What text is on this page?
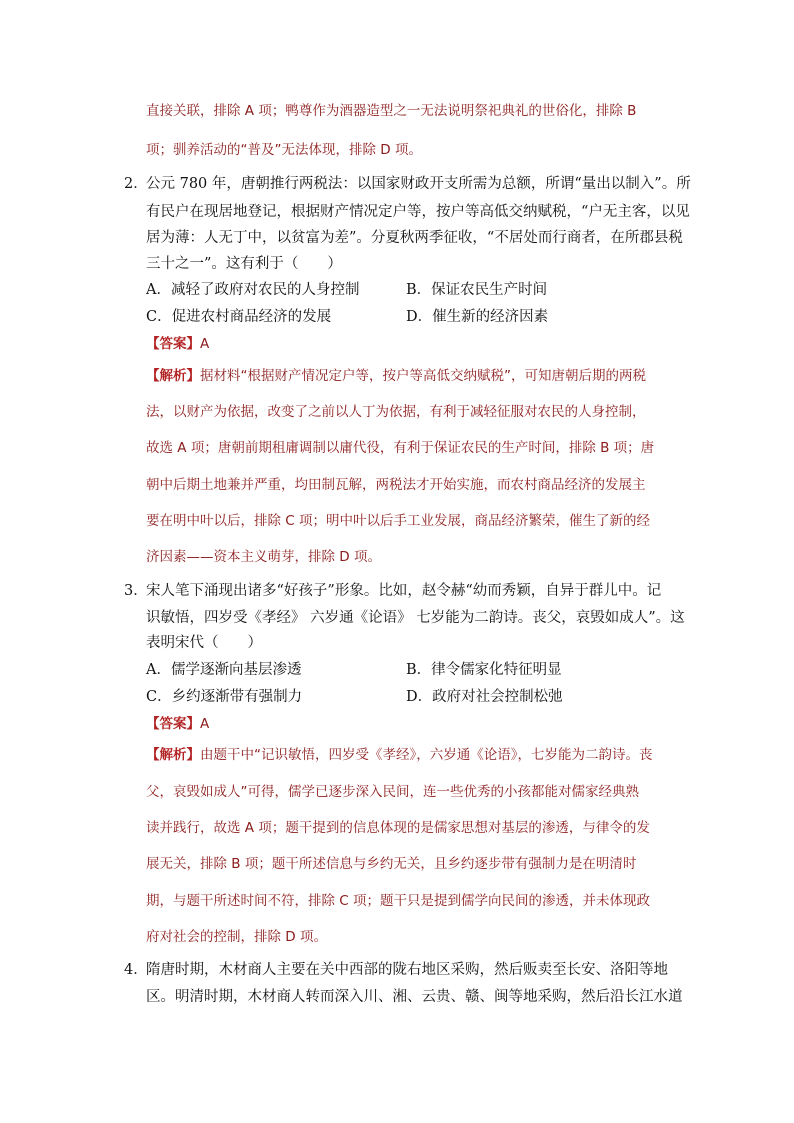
直接关联，排除 A 项；鸭尊作为酒器造型之一无法说明祭祀典礼的世俗化，排除 B
项；驯养活动的“普及”无法体现，排除 D 项。
2．公元 780 年，唐朝推行两税法：以国家财政开支所需为总额，所谓“量出以制入”。所
有民户在现居地登记，根据财产情况定户等，按户等高低交纳赋税，“户无主客，以见
居为薄：人无丁中，以贫富为差”。分夏秋两季征收，“不居处而行商者，在所郡县税
三十之一”。这有利于（　　）
A．减轻了政府对农民的人身控制	B．保证农民生产时间
C．促进农村商品经济的发展	D．催生新的经济因素
【答案】A
【解析】据材料“根据财产情况定户等，按户等高低交纳赋税”，可知唐朝后期的两税
法，以财产为依据，改变了之前以人丁为依据，有利于减轻征服对农民的人身控制，
故选 A 项；唐朝前期租庸调制以庸代役，有利于保证农民的生产时间，排除 B 项；唐
朝中后期土地兼并严重，均田制瓦解，两税法才开始实施，而农村商品经济的发展主
要在明中叶以后，排除 C 项；明中叶以后手工业发展，商品经济繁荣，催生了新的经
济因素——资本主义萌芽，排除 D 项。
3．宋人笔下涌现出诸多“好孩子”形象。比如，赵令赫“幼而秀颖，自异于群儿中。记
识敏悟，四岁受《孝经》 六岁通《论语》 七岁能为二韵诗。丧父，哀毁如成人”。这
表明宋代（　　）
A．儒学逐渐向基层渗透	B．律令儒家化特征明显
C．乡约逐渐带有强制力	D．政府对社会控制松弛
【答案】A
【解析】由题干中“记识敏悟，四岁受《孝经》，六岁通《论语》，七岁能为二韵诗。丧
父，哀毁如成人”可得，儒学已逐步深入民间，连一些优秀的小孩都能对儒家经典熟
读并践行，故选 A 项；题干提到的信息体现的是儒家思想对基层的渗透，与律令的发
展无关，排除 B 项；题干所述信息与乡约无关，且乡约逐步带有强制力是在明清时
期，与题干所述时间不符，排除 C 项；题干只是提到儒学向民间的渗透，并未体现政
府对社会的控制，排除 D 项。
4．隋唐时期，木材商人主要在关中西部的陇右地区采购，然后贩卖至长安、洛阳等地
区。明清时期，木材商人转而深入川、湘、云贵、赣、闽等地采购，然后沿长江水道
